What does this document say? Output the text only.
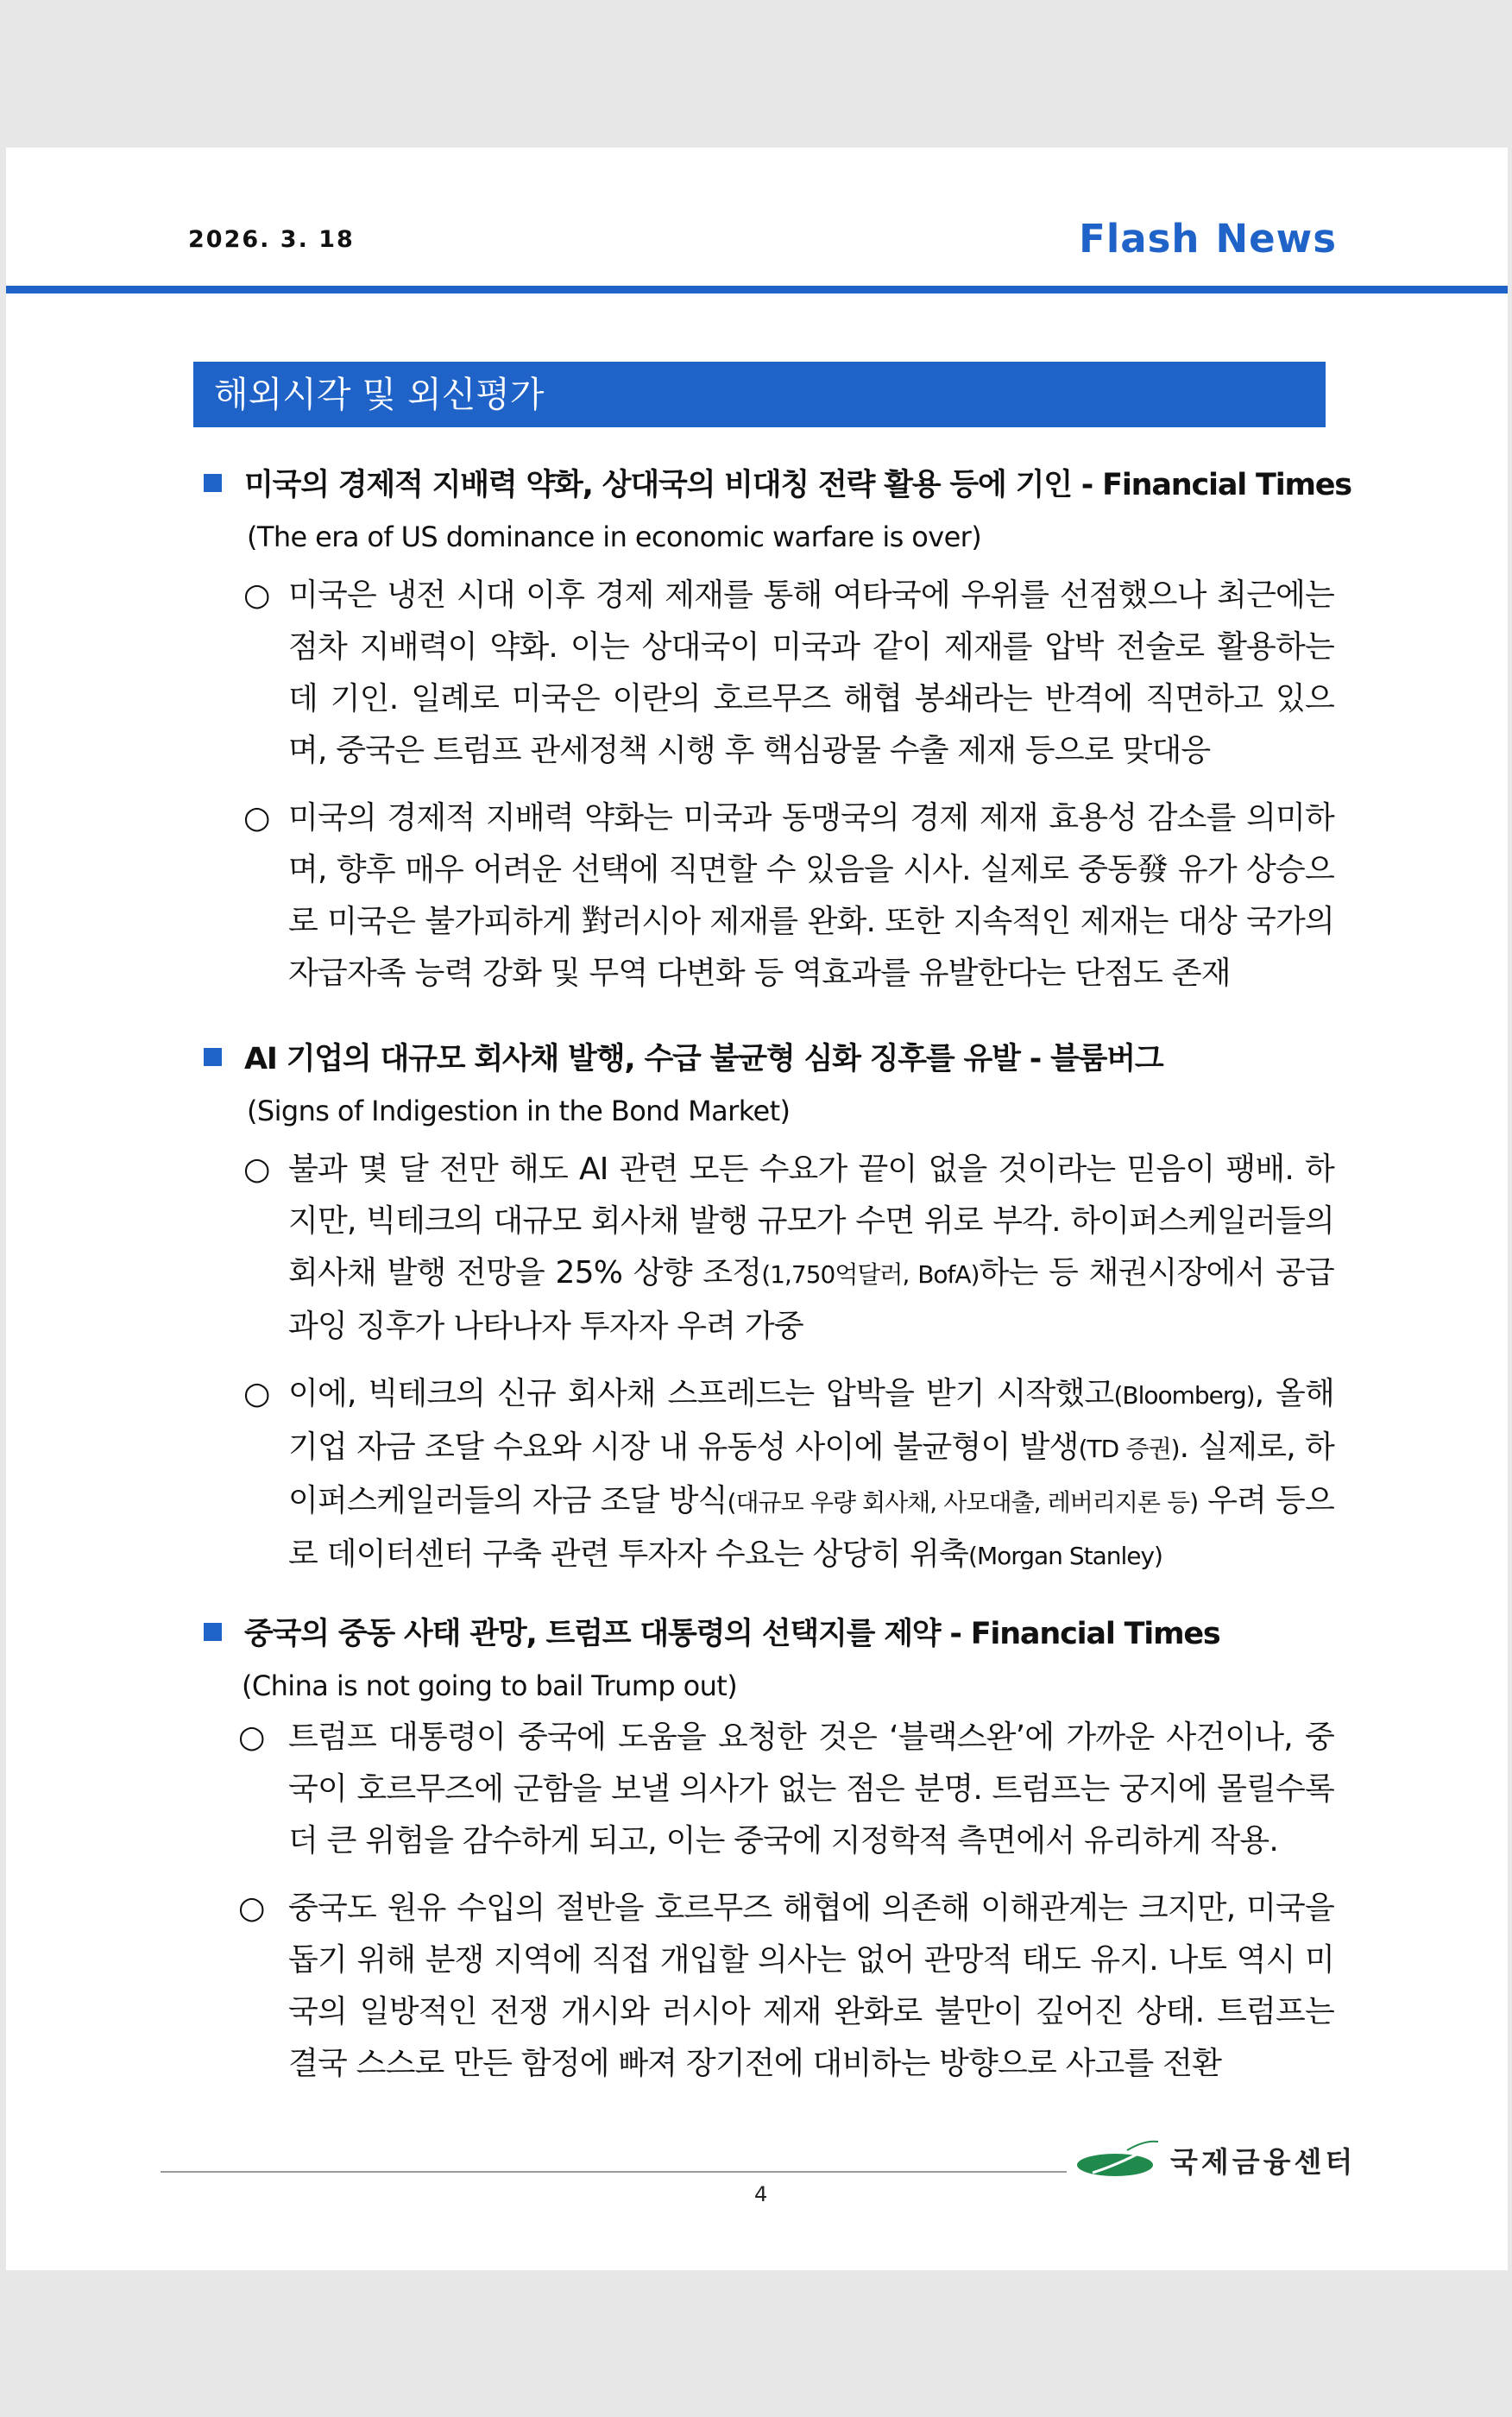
2026. 3. 18	Flash News
해외시각 및 외신평가
미국의 경제적 지배력 약화, 상대국의 비대칭 전략 활용 등에 기인 - Financial Times
(The era of US dominance in economic warfare is over)
○ 미국은 냉전 시대 이후 경제 제재를 통해 여타국에 우위를 선점했으나 최근에는 점차 지배력이 약화. 이는 상대국이 미국과 같이 제재를 압박 전술로 활용하는 데 기인. 일례로 미국은 이란의 호르무즈 해협 봉쇄라는 반격에 직면하고 있으며, 중국은 트럼프 관세정책 시행 후 핵심광물 수출 제재 등으로 맞대응
○ 미국의 경제적 지배력 약화는 미국과 동맹국의 경제 제재 효용성 감소를 의미하며, 향후 매우 어려운 선택에 직면할 수 있음을 시사. 실제로 중동發 유가 상승으로 미국은 불가피하게 對러시아 제재를 완화. 또한 지속적인 제재는 대상 국가의 자급자족 능력 강화 및 무역 다변화 등 역효과를 유발한다는 단점도 존재
AI 기업의 대규모 회사채 발행, 수급 불균형 심화 징후를 유발 - 블룸버그
(Signs of Indigestion in the Bond Market)
○ 불과 몇 달 전만 해도 AI 관련 모든 수요가 끝이 없을 것이라는 믿음이 팽배. 하지만, 빅테크의 대규모 회사채 발행 규모가 수면 위로 부각. 하이퍼스케일러들의 회사채 발행 전망을 25% 상향 조정(1,750억달러, BofA)하는 등 채권시장에서 공급과잉 징후가 나타나자 투자자 우려 가중
○ 이에, 빅테크의 신규 회사채 스프레드는 압박을 받기 시작했고(Bloomberg), 올해 기업 자금 조달 수요와 시장 내 유동성 사이에 불균형이 발생(TD 증권). 실제로, 하이퍼스케일러들의 자금 조달 방식(대규모 우량 회사채, 사모대출, 레버리지론 등) 우려 등으로 데이터센터 구축 관련 투자자 수요는 상당히 위축(Morgan Stanley)
중국의 중동 사태 관망, 트럼프 대통령의 선택지를 제약 - Financial Times
(China is not going to bail Trump out)
○ 트럼프 대통령이 중국에 도움을 요청한 것은 ‘블랙스완’에 가까운 사건이나, 중국이 호르무즈에 군함을 보낼 의사가 없는 점은 분명. 트럼프는 궁지에 몰릴수록 더 큰 위험을 감수하게 되고, 이는 중국에 지정학적 측면에서 유리하게 작용.
○ 중국도 원유 수입의 절반을 호르무즈 해협에 의존해 이해관계는 크지만, 미국을 돕기 위해 분쟁 지역에 직접 개입할 의사는 없어 관망적 태도 유지. 나토 역시 미국의 일방적인 전쟁 개시와 러시아 제재 완화로 불만이 깊어진 상태. 트럼프는 결국 스스로 만든 함정에 빠져 장기전에 대비하는 방향으로 사고를 전환
4
국제금융센터
